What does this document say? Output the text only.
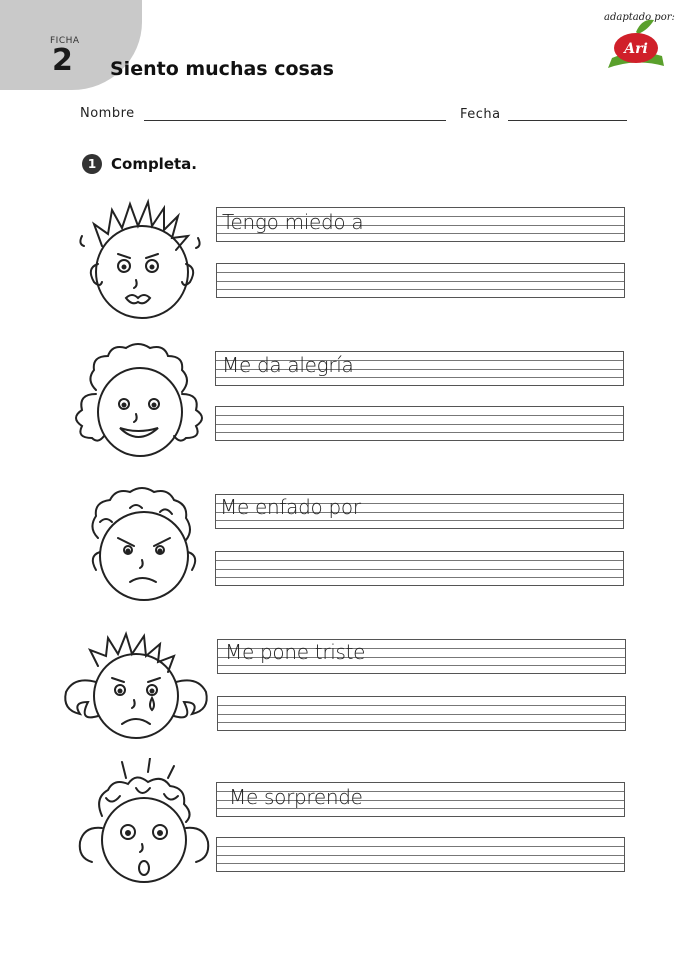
FICHA
2 Siento muchas cosas
Ari
adaptado por:
Nombre	Fecha
1 Completa.
Tengo miedo a
Me da alegría
Me enfado por
Me pone triste
Me sorprende
